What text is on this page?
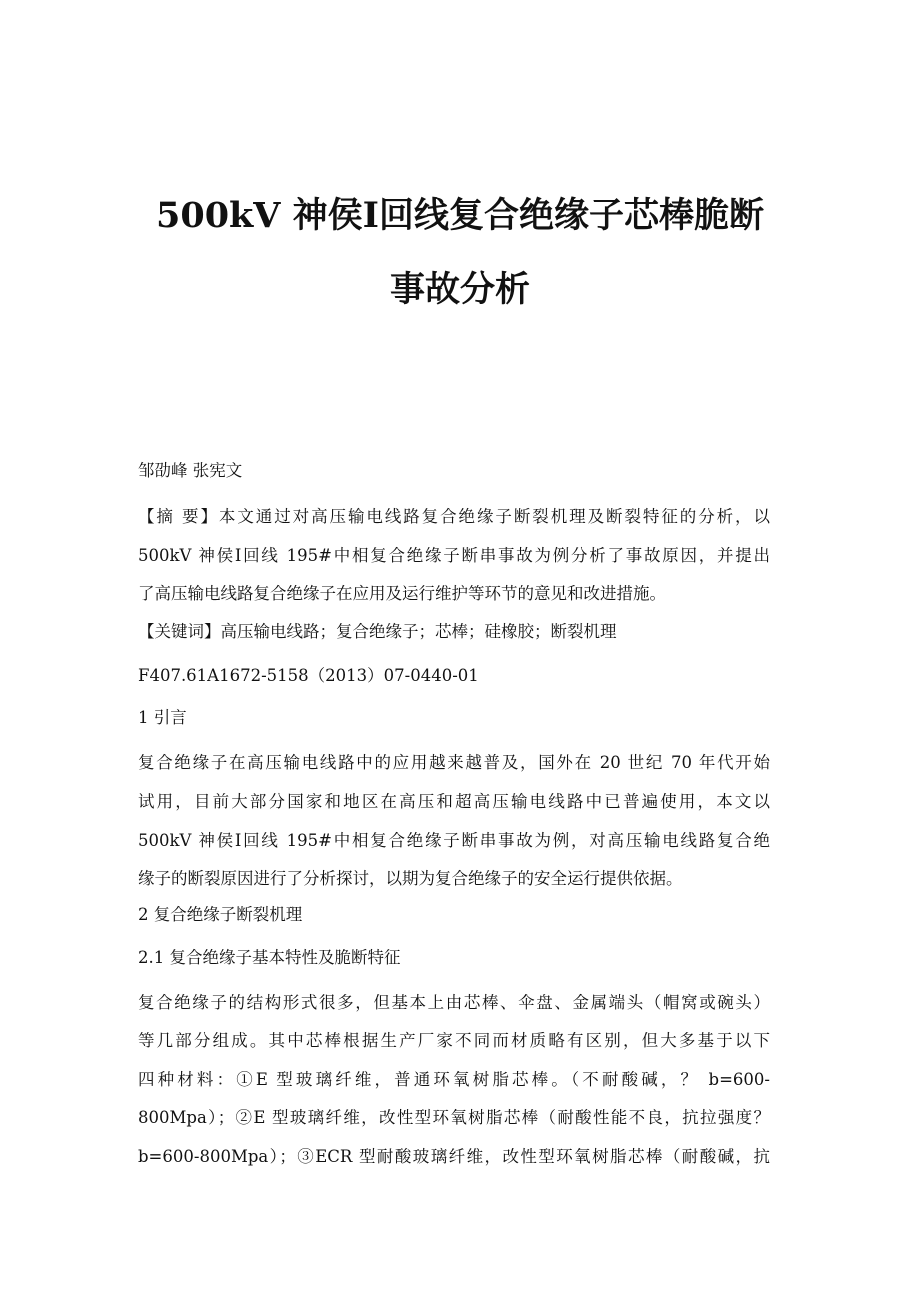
500kV 神侯Ⅰ回线复合绝缘子芯棒脆断
事故分析
邹劭峰 张宪文
【摘 要】本文通过对高压输电线路复合绝缘子断裂机理及断裂特征的分析，以
500kV 神侯Ⅰ回线 195#中相复合绝缘子断串事故为例分析了事故原因，并提出
了高压输电线路复合绝缘子在应用及运行维护等环节的意见和改进措施。
【关键词】高压输电线路；复合绝缘子；芯棒；硅橡胶；断裂机理
F407.61A1672-5158（2013）07-0440-01
1 引言
复合绝缘子在高压输电线路中的应用越来越普及，国外在 20 世纪 70 年代开始
试用，目前大部分国家和地区在高压和超高压输电线路中已普遍使用，本文以
500kV 神侯Ⅰ回线 195#中相复合绝缘子断串事故为例，对高压输电线路复合绝
缘子的断裂原因进行了分析探讨，以期为复合绝缘子的安全运行提供依据。
2 复合绝缘子断裂机理
2.1 复合绝缘子基本特性及脆断特征
复合绝缘子的结构形式很多，但基本上由芯棒、伞盘、金属端头（帽窝或碗头）
等几部分组成。其中芯棒根据生产厂家不同而材质略有区别，但大多基于以下
四种材料：①E 型玻璃纤维，普通环氧树脂芯棒。（不耐酸碱，？ b=600-
800Mpa）；②E 型玻璃纤维，改性型环氧树脂芯棒（耐酸性能不良，抗拉强度？
b=600-800Mpa）；③ECR 型耐酸玻璃纤维，改性型环氧树脂芯棒（耐酸碱，抗
